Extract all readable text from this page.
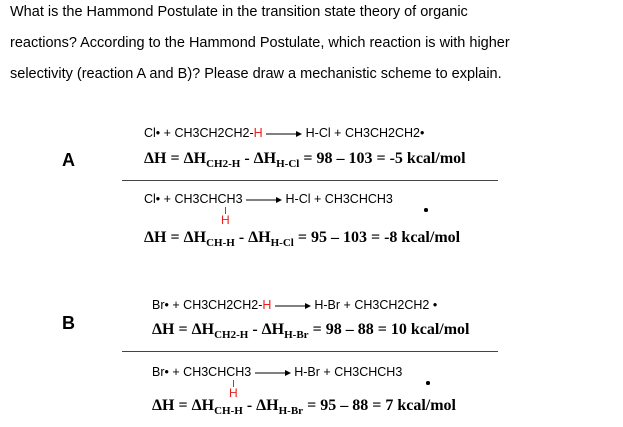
What is the Hammond Postulate in the transition state theory of organic
reactions? According to the Hammond Postulate, which reaction is with higher
selectivity (reaction A and B)? Please draw a mechanistic scheme to explain.
A
Cl• + CH3CH2CH2-H → H-Cl + CH3CH2CH2•
$\Delta H = \Delta H_{CH2-H} - \Delta H_{H-Cl} = 98 - 103 = -5$ kcal/mol
Cl• + CH3CHCH3 → H-Cl + CH3CHCH3
H
$\Delta H = \Delta H_{CH-H} - \Delta H_{H-Cl} = 95 - 103 = -8$ kcal/mol
B
Br• + CH3CH2CH2-H → H-Br + CH3CH2CH2 •
$\Delta H = \Delta H_{CH2-H} - \Delta H_{H-Br} = 98 - 88 = 10$ kcal/mol
Br• + CH3CHCH3 → H-Br + CH3CHCH3
H
$\Delta H = \Delta H_{CH-H} - \Delta H_{H-Br} = 95 - 88 = 7$ kcal/mol
